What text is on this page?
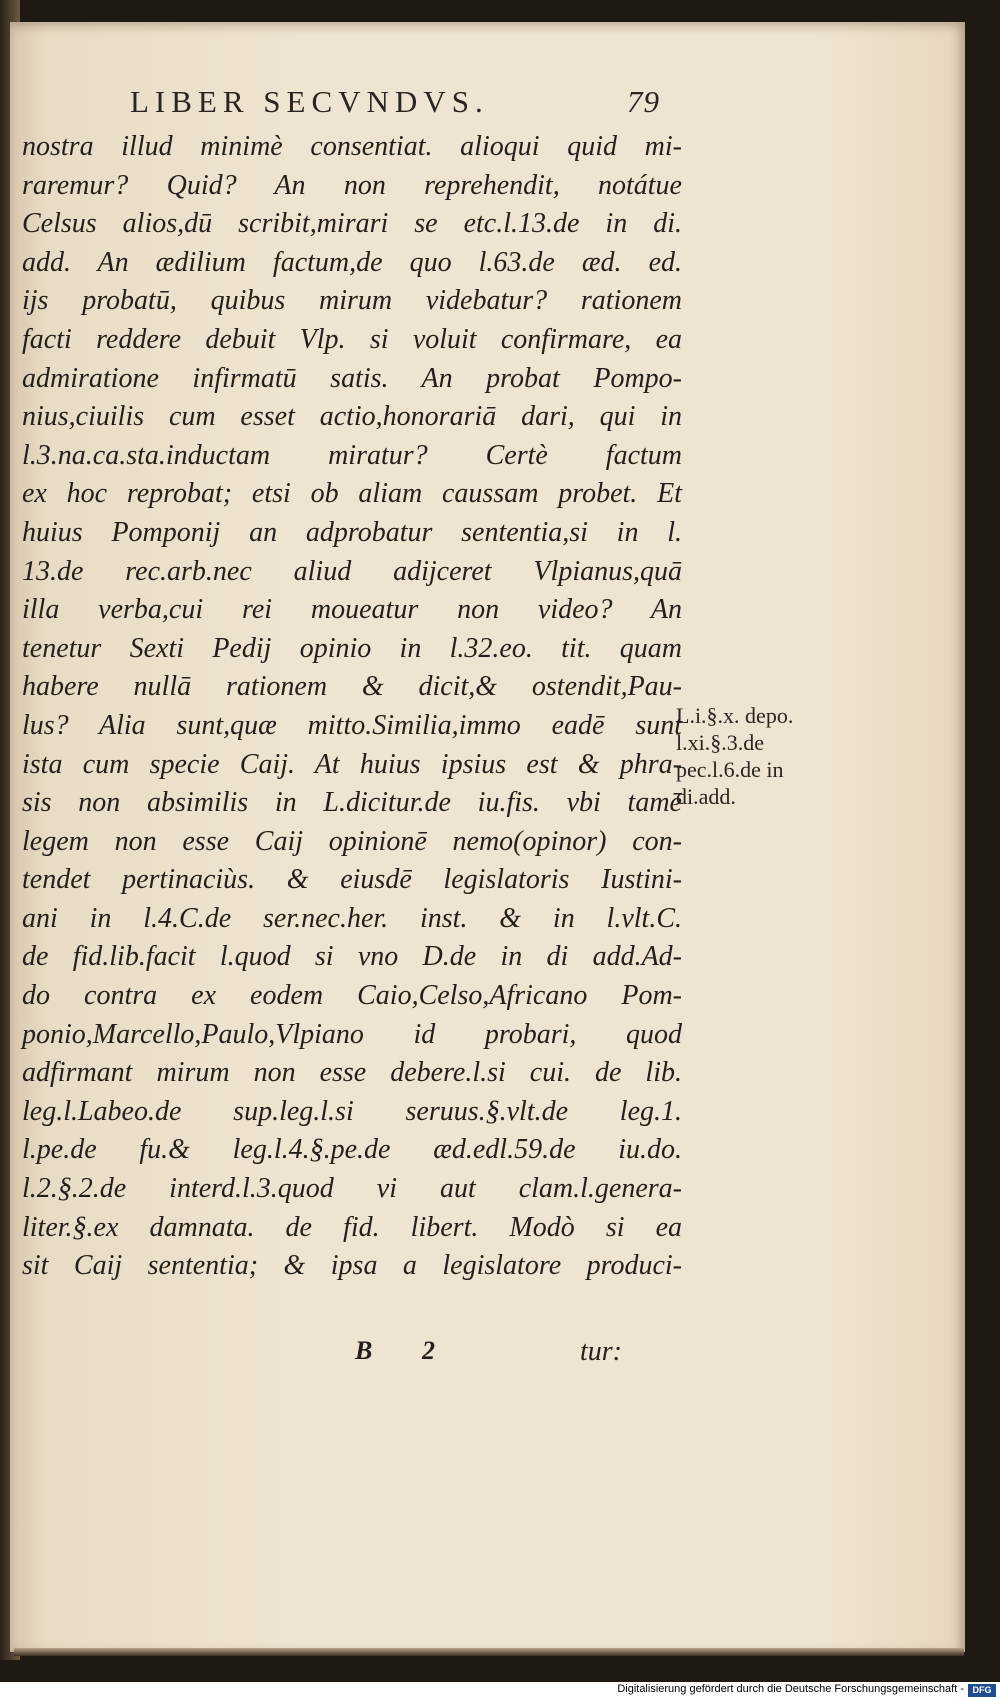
LIBER SECVNDVS.	79
nostra illud minimè consentiat. alioqui quid mi-
raremur? Quid? An non reprehendit, notátue
Celsus alios,dū scribit,mirari se etc.l.13.de in di.
add. An ædilium factum,de quo l.63.de æd. ed.
ijs probatū, quibus mirum videbatur? rationem
facti reddere debuit Vlp. si voluit confirmare, ea
admiratione infirmatū satis. An probat Pompo-
nius,ciuilis cum esset actio,honorariā dari, qui in
l.3.na.ca.sta.inductam miratur? Certè factum
ex hoc reprobat; etsi ob aliam caussam probet. Et
huius Pomponij an adprobatur sententia,si in l.
13.de rec.arb.nec aliud adijceret Vlpianus,quā
illa verba,cui rei moueatur non video? An
tenetur Sexti Pedij opinio in l.32.eo. tit. quam
habere nullā rationem & dicit,& ostendit,Pau-
lus? Alia sunt,quæ mitto.Similia,immo eadē sunt
ista cum specie Caij. At huius ipsius est & phra-
sis non absimilis in L.dicitur.de iu.fis. vbi tamē
legem non esse Caij opinionē nemo(opinor) con-
tendet pertinaciùs. & eiusdē legislatoris Iustini-
ani in l.4.C.de ser.nec.her. inst. & in l.vlt.C.
de fid.lib.facit l.quod si vno D.de in di add.Ad-
do contra ex eodem Caio,Celso,Africano Pom-
ponio,Marcello,Paulo,Vlpiano id probari, quod
adfirmant mirum non esse debere.l.si cui. de lib.
leg.l.Labeo.de sup.leg.l.si seruus.§.vlt.de leg.1.
l.pe.de fu.& leg.l.4.§.pe.de æd.edl.59.de iu.do.
l.2.§.2.de interd.l.3.quod vi aut clam.l.genera-
liter.§.ex damnata. de fid. libert. Modò si ea
sit Caij sententia; & ipsa a legislatore produci-
L.i.§.x. depo.
l.xi.§.3.de
pec.l.6.de in
di.add.
B 2	tur:
Digitalisierung gefördert durch die Deutsche Forschungsgemeinschaft - DFG
